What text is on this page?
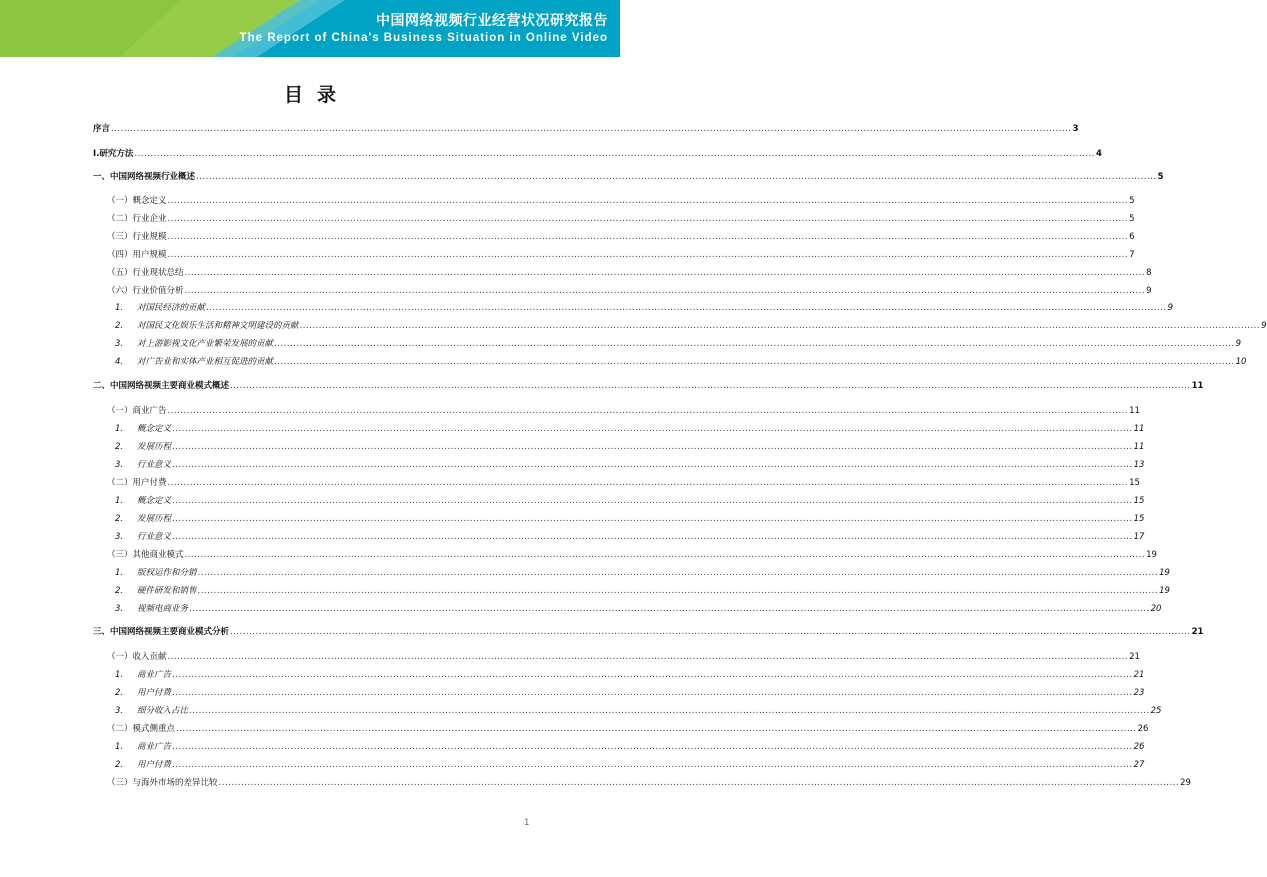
中国网络视频行业经营状况研究报告
The Report of China's Business Situation in Online Video
目录
序言 ............................................................................................................................................................................................................................................................................................................ 3
Ⅰ.研究方法 ............................................................................................................................................................................................................................................................................................................ 4
一、中国网络视频行业概述 ............................................................................................................................................................................................................................................................................................................ 5
（一）概念定义 ............................................................................................................................................................................................................................................................................................................ 5
（二）行业企业 ............................................................................................................................................................................................................................................................................................................ 5
（三）行业规模 ............................................................................................................................................................................................................................................................................................................ 6
（四）用户规模 ............................................................................................................................................................................................................................................................................................................ 7
（五）行业现状总结 ............................................................................................................................................................................................................................................................................................................ 8
（六）行业价值分析 ............................................................................................................................................................................................................................................................................................................ 9
1. 对国民经济的贡献 ............................................................................................................................................................................................................................................................................................................ 9
2. 对国民文化娱乐生活和精神文明建设的贡献 ............................................................................................................................................................................................................................................................................................................ 9
3. 对上游影视文化产业繁荣发展的贡献 ............................................................................................................................................................................................................................................................................................................ 9
4. 对广告业和实体产业相互促进的贡献 ............................................................................................................................................................................................................................................................................................................ 10
二、中国网络视频主要商业模式概述 ............................................................................................................................................................................................................................................................................................................ 11
（一）商业广告 ............................................................................................................................................................................................................................................................................................................ 11
1. 概念定义 ............................................................................................................................................................................................................................................................................................................ 11
2. 发展历程 ............................................................................................................................................................................................................................................................................................................ 11
3. 行业意义 ............................................................................................................................................................................................................................................................................................................ 13
（二）用户付费 ............................................................................................................................................................................................................................................................................................................ 15
1. 概念定义 ............................................................................................................................................................................................................................................................................................................ 15
2. 发展历程 ............................................................................................................................................................................................................................................................................................................ 15
3. 行业意义 ............................................................................................................................................................................................................................................................................................................ 17
（三）其他商业模式 ............................................................................................................................................................................................................................................................................................................ 19
1. 版权运作和分销 ............................................................................................................................................................................................................................................................................................................ 19
2. 硬件研发和销售 ............................................................................................................................................................................................................................................................................................................ 19
3. 视频电商业务 ............................................................................................................................................................................................................................................................................................................ 20
三、中国网络视频主要商业模式分析 ............................................................................................................................................................................................................................................................................................................ 21
（一）收入贡献 ............................................................................................................................................................................................................................................................................................................ 21
1. 商业广告 ............................................................................................................................................................................................................................................................................................................ 21
2. 用户付费 ............................................................................................................................................................................................................................................................................................................ 23
3. 细分收入占比 ............................................................................................................................................................................................................................................................................................................ 25
（二）模式侧重点 ............................................................................................................................................................................................................................................................................................................ 26
1. 商业广告 ............................................................................................................................................................................................................................................................................................................ 26
2. 用户付费 ............................................................................................................................................................................................................................................................................................................ 27
（三）与海外市场的差异比较 ............................................................................................................................................................................................................................................................................................................ 29
1
